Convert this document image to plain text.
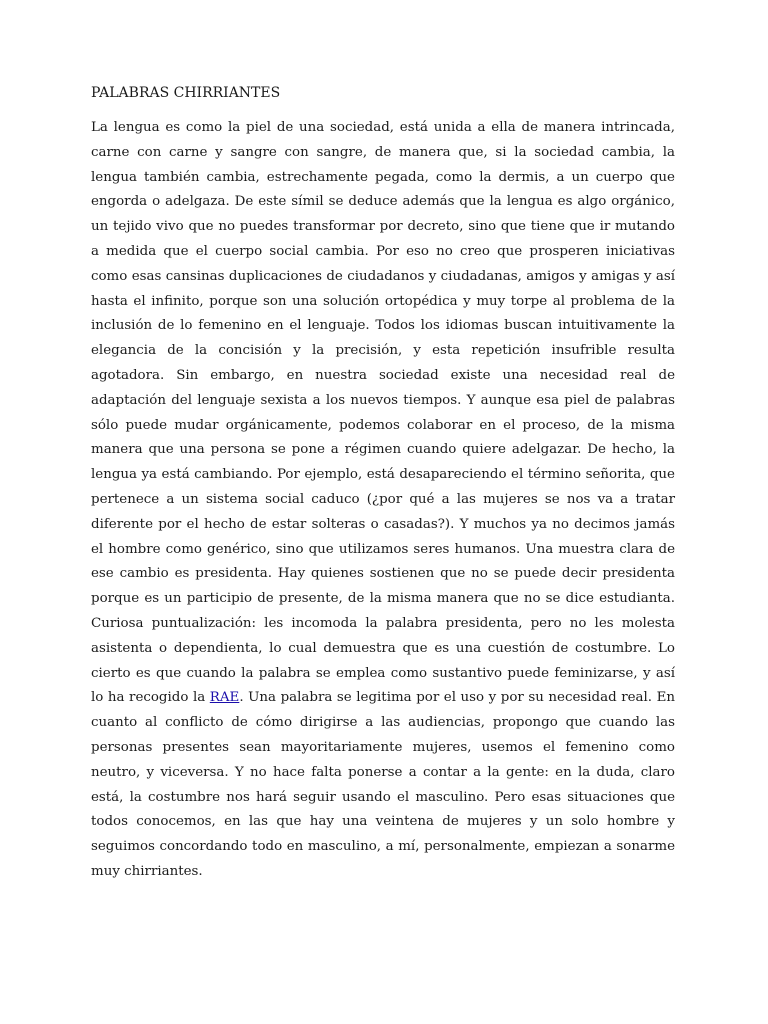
PALABRAS CHIRRIANTES

La lengua es como la piel de una sociedad, está unida a ella de manera intrincada, carne con carne y sangre con sangre, de manera que, si la sociedad cambia, la lengua también cambia, estrechamente pegada, como la dermis, a un cuerpo que engorda o adelgaza. De este símil se deduce además que la lengua es algo orgánico, un tejido vivo que no puedes transformar por decreto, sino que tiene que ir mutando a medida que el cuerpo social cambia. Por eso no creo que prosperen iniciativas como esas cansinas duplicaciones de ciudadanos y ciudadanas, amigos y amigas y así hasta el infinito, porque son una solución ortopédica y muy torpe al problema de la inclusión de lo femenino en el lenguaje. Todos los idiomas buscan intuitivamente la elegancia de la concisión y la precisión, y esta repetición insufrible resulta agotadora. Sin embargo, en nuestra sociedad existe una necesidad real de adaptación del lenguaje sexista a los nuevos tiempos. Y aunque esa piel de palabras sólo puede mudar orgánicamente, podemos colaborar en el proceso, de la misma manera que una persona se pone a régimen cuando quiere adelgazar. De hecho, la lengua ya está cambiando. Por ejemplo, está desapareciendo el término señorita, que pertenece a un sistema social caduco (¿por qué a las mujeres se nos va a tratar diferente por el hecho de estar solteras o casadas?). Y muchos ya no decimos jamás el hombre como genérico, sino que utilizamos seres humanos. Una muestra clara de ese cambio es presidenta. Hay quienes sostienen que no se puede decir presidenta porque es un participio de presente, de la misma manera que no se dice estudianta. Curiosa puntualización: les incomoda la palabra presidenta, pero no les molesta asistenta o dependienta, lo cual demuestra que es una cuestión de costumbre. Lo cierto es que cuando la palabra se emplea como sustantivo puede feminizarse, y así lo ha recogido la RAE. Una palabra se legitima por el uso y por su necesidad real. En cuanto al conflicto de cómo dirigirse a las audiencias, propongo que cuando las personas presentes sean mayoritariamente mujeres, usemos el femenino como neutro, y viceversa. Y no hace falta ponerse a contar a la gente: en la duda, claro está, la costumbre nos hará seguir usando el masculino. Pero esas situaciones que todos conocemos, en las que hay una veintena de mujeres y un solo hombre y seguimos concordando todo en masculino, a mí, personalmente, empiezan a sonarme muy chirriantes.
